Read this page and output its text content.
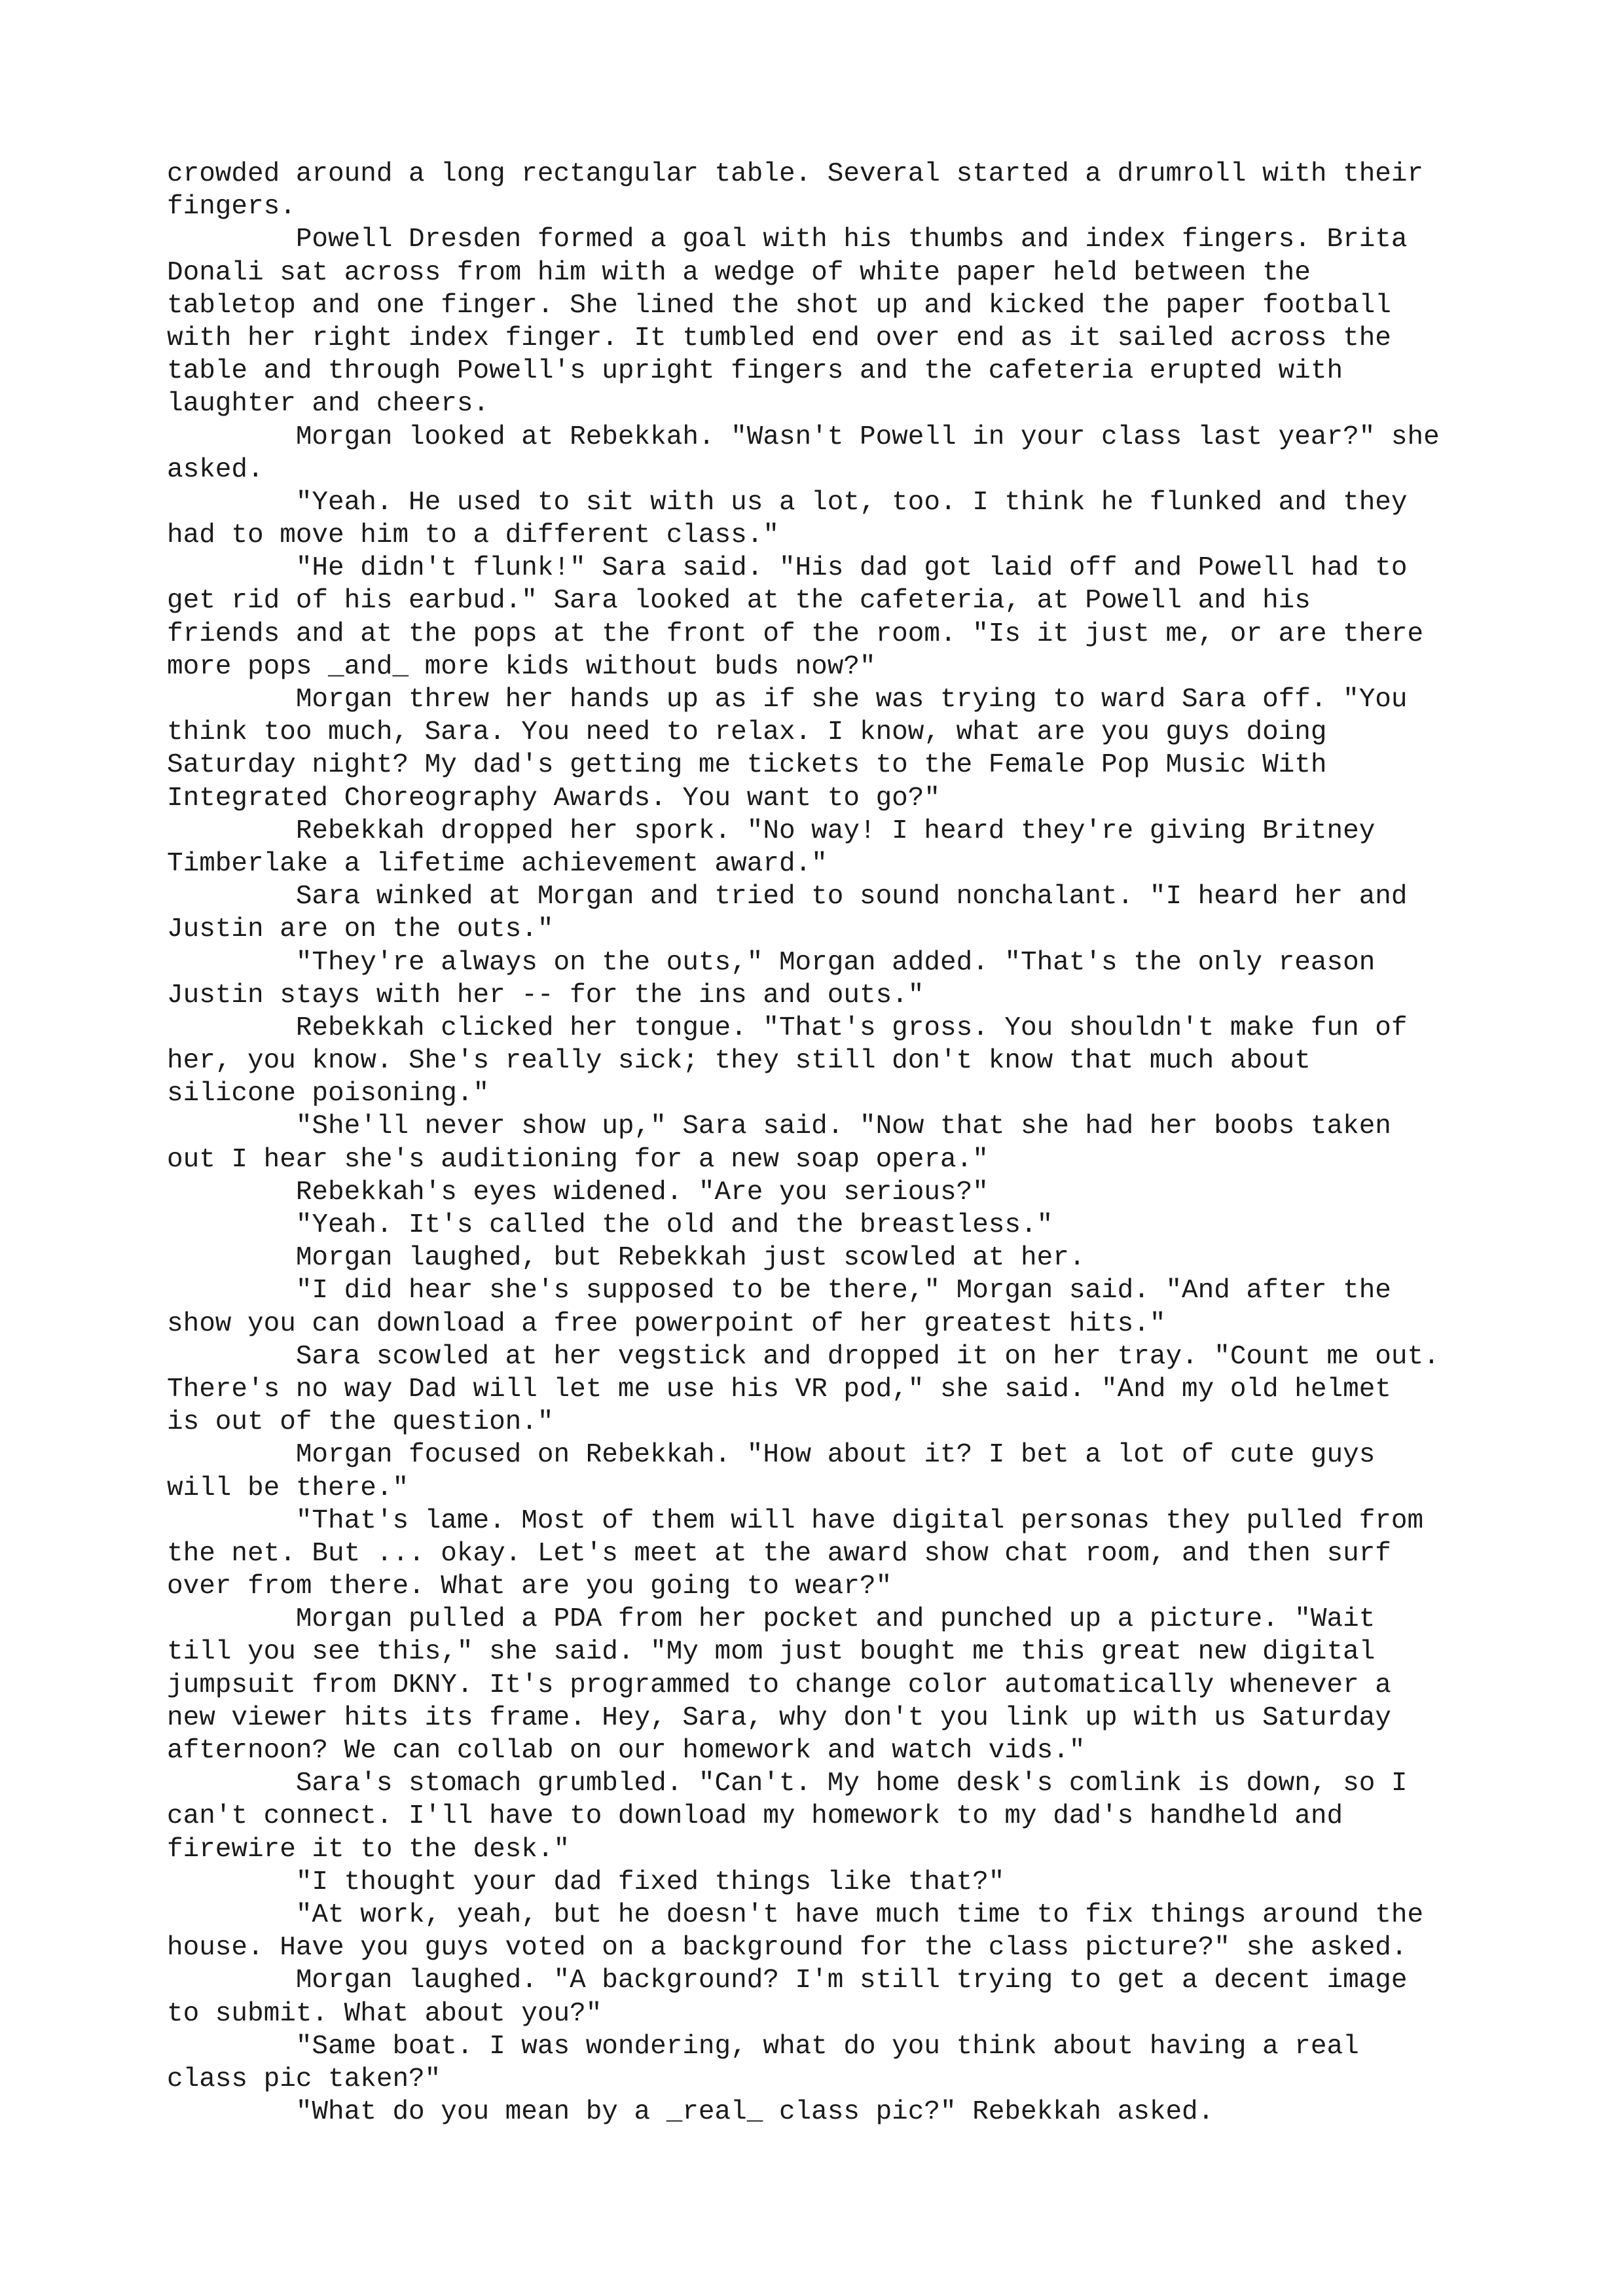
crowded around a long rectangular table. Several started a drumroll with their
fingers.
Powell Dresden formed a goal with his thumbs and index fingers. Brita
Donali sat across from him with a wedge of white paper held between the
tabletop and one finger. She lined the shot up and kicked the paper football
with her right index finger. It tumbled end over end as it sailed across the
table and through Powell's upright fingers and the cafeteria erupted with
laughter and cheers.
Morgan looked at Rebekkah. "Wasn't Powell in your class last year?" she
asked.
"Yeah. He used to sit with us a lot, too. I think he flunked and they
had to move him to a different class."
"He didn't flunk!" Sara said. "His dad got laid off and Powell had to
get rid of his earbud." Sara looked at the cafeteria, at Powell and his
friends and at the pops at the front of the room. "Is it just me, or are there
more pops _and_ more kids without buds now?"
Morgan threw her hands up as if she was trying to ward Sara off. "You
think too much, Sara. You need to relax. I know, what are you guys doing
Saturday night? My dad's getting me tickets to the Female Pop Music With
Integrated Choreography Awards. You want to go?"
Rebekkah dropped her spork. "No way! I heard they're giving Britney
Timberlake a lifetime achievement award."
Sara winked at Morgan and tried to sound nonchalant. "I heard her and
Justin are on the outs."
"They're always on the outs," Morgan added. "That's the only reason
Justin stays with her -- for the ins and outs."
Rebekkah clicked her tongue. "That's gross. You shouldn't make fun of
her, you know. She's really sick; they still don't know that much about
silicone poisoning."
"She'll never show up," Sara said. "Now that she had her boobs taken
out I hear she's auditioning for a new soap opera."
Rebekkah's eyes widened. "Are you serious?"
"Yeah. It's called the old and the breastless."
Morgan laughed, but Rebekkah just scowled at her.
"I did hear she's supposed to be there," Morgan said. "And after the
show you can download a free powerpoint of her greatest hits."
Sara scowled at her vegstick and dropped it on her tray. "Count me out.
There's no way Dad will let me use his VR pod," she said. "And my old helmet
is out of the question."
Morgan focused on Rebekkah. "How about it? I bet a lot of cute guys
will be there."
"That's lame. Most of them will have digital personas they pulled from
the net. But ... okay. Let's meet at the award show chat room, and then surf
over from there. What are you going to wear?"
Morgan pulled a PDA from her pocket and punched up a picture. "Wait
till you see this," she said. "My mom just bought me this great new digital
jumpsuit from DKNY. It's programmed to change color automatically whenever a
new viewer hits its frame. Hey, Sara, why don't you link up with us Saturday
afternoon? We can collab on our homework and watch vids."
Sara's stomach grumbled. "Can't. My home desk's comlink is down, so I
can't connect. I'll have to download my homework to my dad's handheld and
firewire it to the desk."
"I thought your dad fixed things like that?"
"At work, yeah, but he doesn't have much time to fix things around the
house. Have you guys voted on a background for the class picture?" she asked.
Morgan laughed. "A background? I'm still trying to get a decent image
to submit. What about you?"
"Same boat. I was wondering, what do you think about having a real
class pic taken?"
"What do you mean by a _real_ class pic?" Rebekkah asked.
